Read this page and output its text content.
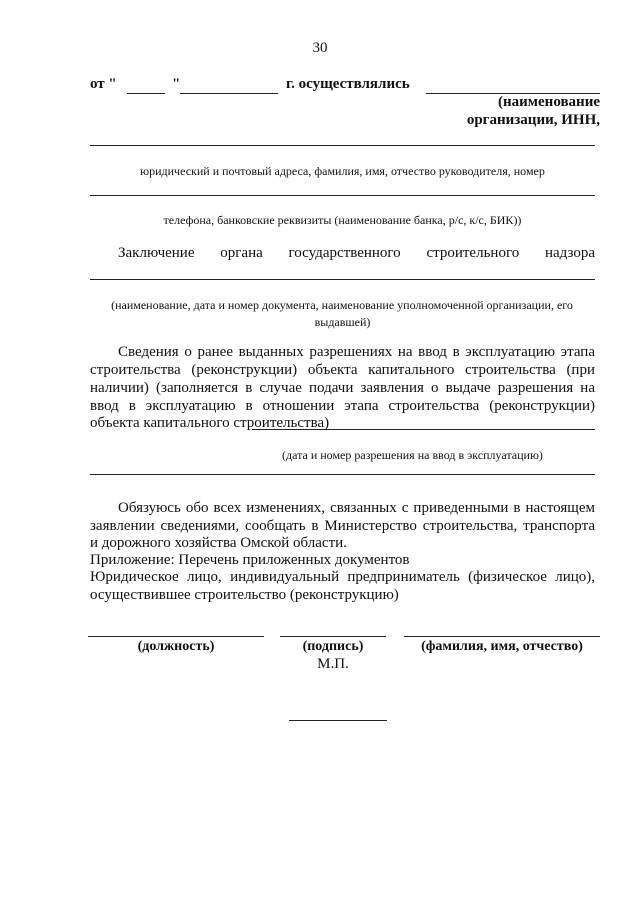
30
от "	"	г. осуществлялись
(наименование
организации, ИНН,
юридический и почтовый адреса, фамилия, имя, отчество руководителя, номер
телефона, банковские реквизиты (наименование банка, р/с, к/с, БИК))
Заключение органа государственного строительного надзора
(наименование, дата и номер документа, наименование уполномоченной организации, его
выдавшей)
Сведения о ранее выданных разрешениях на ввод в эксплуатацию этапа
строительства (реконструкции) объекта капитального строительства (при
наличии) (заполняется в случае подачи заявления о выдаче разрешения на
ввод в эксплуатацию в отношении этапа строительства (реконструкции)
объекта капитального строительства)
(дата и номер разрешения на ввод в эксплуатацию)
Обязуюсь обо всех изменениях, связанных с приведенными в настоящем
заявлении сведениями, сообщать в Министерство строительства, транспорта
и дорожного хозяйства Омской области.
Приложение: Перечень приложенных документов
Юридическое лицо, индивидуальный предприниматель (физическое лицо),
осуществившее строительство (реконструкцию)
(должность)	(подпись)	(фамилия, имя, отчество)
М.П.
